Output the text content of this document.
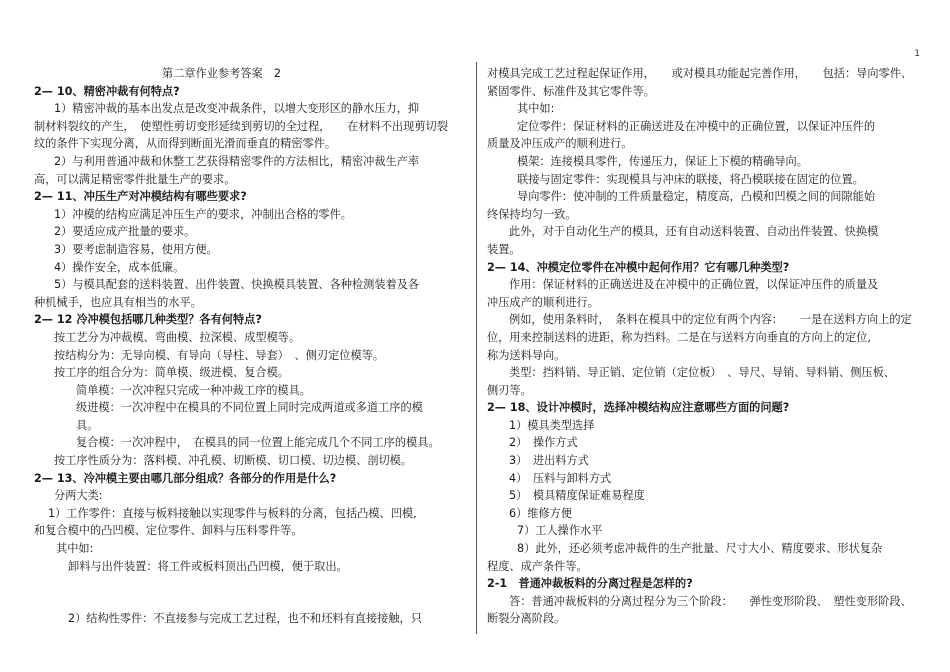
1
第二章作业参考答案　2
2— 10、精密冲裁有何特点?
1）精密冲裁的基本出发点是改变冲裁条件，以增大变形区的静水压力，抑
制材料裂纹的产生，　使塑性剪切变形延续到剪切的全过程，　　在材料不出现剪切裂
纹的条件下实现分离，从而得到断面光滑而垂直的精密零件。
2）与利用普通冲裁和休整工艺获得精密零件的方法相比，精密冲裁生产率
高，可以满足精密零件批量生产的要求。
2— 11、冲压生产对冲模结构有哪些要求?
1）冲模的结构应满足冲压生产的要求，冲制出合格的零件。
2）要适应成产批量的要求。
3）要考虑制造容易，使用方便。
4）操作安全，成本低廉。
5）与模具配套的送料装置、出件装置、快换模具装置、各种检测装着及各
种机械手，也应具有相当的水平。
2— 12 冷冲模包括哪几种类型？各有何特点?
按工艺分为冲裁模、弯曲模、拉深模、成型模等。
按结构分为：无导向模、有导向（导柱、导套）　、侧刃定位模等。
按工序的组合分为：简单模、级进模、复合模。
简单模：一次冲程只完成一种冲裁工序的模具。
级进模：一次冲程中在模具的不同位置上同时完成两道或多道工序的模
具。
复合模：一次冲程中，　在模具的同一位置上能完成几个不同工序的模具。
按工序性质分为：落料模、冲孔模、切断模、切口模、切边模、剖切模。
2— 13、冷冲模主要由哪几部分组成？各部分的作用是什么?
分两大类:
1）工作零件：直接与板料接触以实现零件与板料的分离，包括凸模、凹模,
和复合模中的凸凹模、定位零件、卸料与压料零件等。
其中如:
卸料与出件装置：将工件或板料顶出凸凹模，便于取出。
2）结构性零件：不直接参与完成工艺过程，也不和坯料有直接接触，只
对模具完成工艺过程起保证作用，　　或对模具功能起完善作用，　　包括：导向零件、
紧固零件、标准件及其它零件等。
其中如:
定位零件：保证材料的正确送进及在冲模中的正确位置，以保证冲压件的
质量及冲压成产的顺利进行。
模架：连接模具零件，传递压力，保证上下模的精确导向。
联接与固定零件：实现模具与冲床的联接，将凸模联接在固定的位置。
导向零件：使冲制的工件质量稳定，精度高，凸模和凹模之间的间隙能始
终保持均匀一致。
此外，对于自动化生产的模具，还有自动送料装置、自动出件装置、快换模
装置。
2— 14、冲模定位零件在冲模中起何作用？它有哪几种类型?
作用：保证材料的正确送进及在冲模中的正确位置，以保证冲压件的质量及
冲压成产的顺利进行。
例如，使用条料时，　条料在模具中的定位有两个内容：　　一是在送料方向上的定
位，用来控制送料的进距，称为挡料。二是在与送料方向垂直的方向上的定位,
称为送料导向。
类型：挡料销、导正销、定位销（定位板）　、导尺、导销、导料销、侧压板、
侧刃等。
2— 18、设计冲模时，选择冲模结构应注意哪些方面的问题?
1）模具类型选择
2）　操作方式
3）　进出料方式
4）　压料与卸料方式
5）　模具精度保证难易程度
6）维修方便
7）工人操作水平
8）此外，还必须考虑冲裁件的生产批量、尺寸大小、精度要求、形状复杂
程度、成产条件等。
2-1　普通冲裁板料的分离过程是怎样的?
答：普通冲裁板料的分离过程分为三个阶段：　　弹性变形阶段、　塑性变形阶段、
断裂分离阶段。
